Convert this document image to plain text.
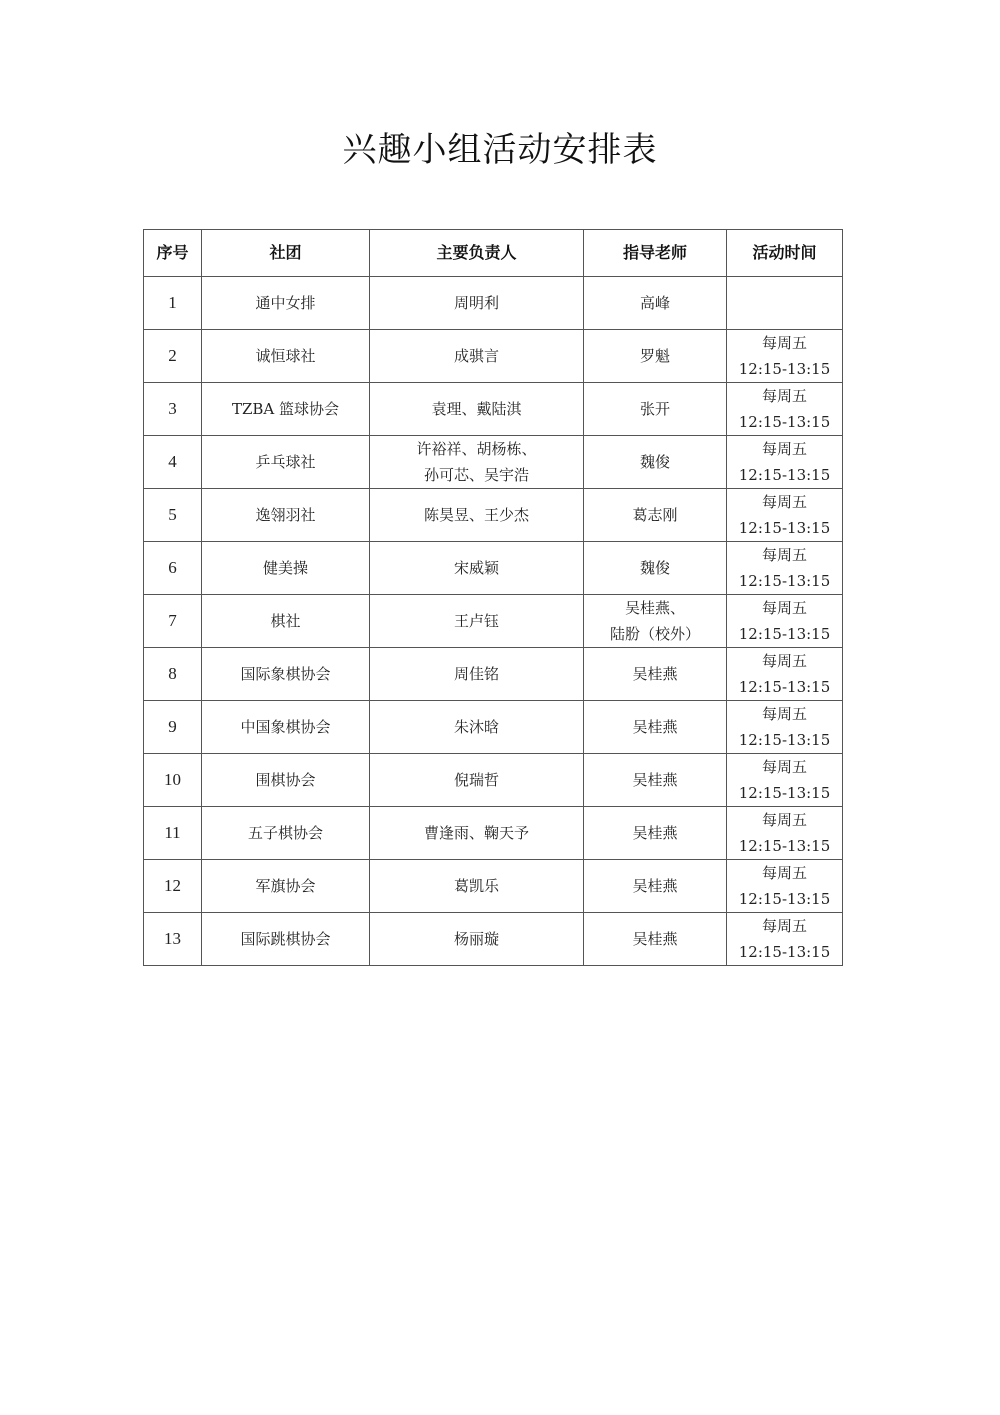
兴趣小组活动安排表
序号	社团	主要负责人	指导老师	活动时间
1	通中女排	周明利	高峰	

2	诚恒球社	成骐言	罗魁	每周五
12:15-13:15

3	TZBA 篮球协会	袁理、戴陆淇	张开	每周五
12:15-13:15

4	乒乓球社	许裕祥、胡杨栋、
孙可芯、吴宇浩	魏俊	每周五
12:15-13:15

5	逸翎羽社	陈昊昱、王少杰	葛志刚	每周五
12:15-13:15

6	健美操	宋威颖	魏俊	每周五
12:15-13:15

7	棋社	王卢钰	吴桂燕、
陆肦（校外）	每周五
12:15-13:15

8	国际象棋协会	周佳铭	吴桂燕	每周五
12:15-13:15

9	中国象棋协会	朱沐晗	吴桂燕	每周五
12:15-13:15

10	围棋协会	倪瑞哲	吴桂燕	每周五
12:15-13:15

11	五子棋协会	曹逢雨、鞠天予	吴桂燕	每周五
12:15-13:15

12	军旗协会	葛凯乐	吴桂燕	每周五
12:15-13:15

13	国际跳棋协会	杨丽璇	吴桂燕	每周五
12:15-13:15
